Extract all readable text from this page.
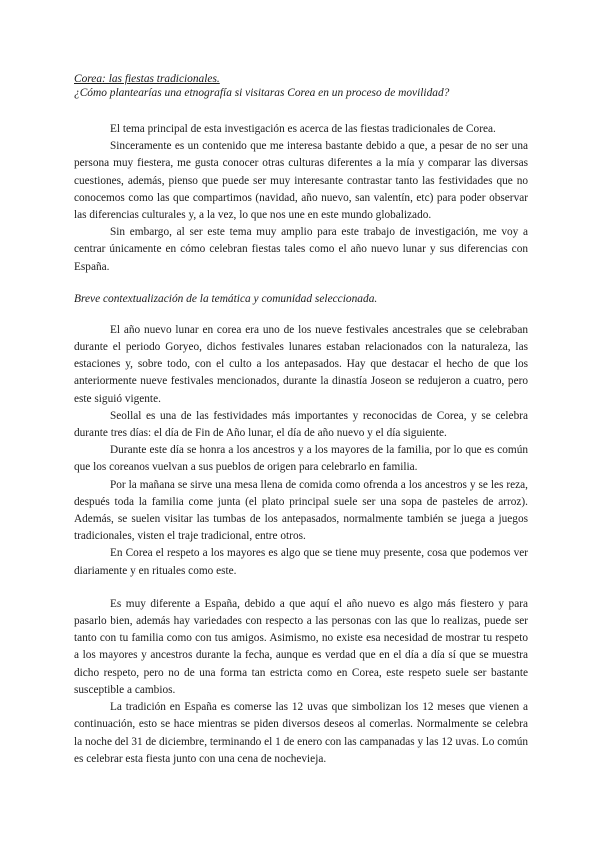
Corea: las fiestas tradicionales.
¿Cómo plantearías una etnografía si visitaras Corea en un proceso de movilidad?

El tema principal de esta investigación es acerca de las fiestas tradicionales de Corea.

Sinceramente es un contenido que me interesa bastante debido a que, a pesar de no ser una persona muy fiestera, me gusta conocer otras culturas diferentes a la mía y comparar las diversas cuestiones, además, pienso que puede ser muy interesante contrastar tanto las festividades que no conocemos como las que compartimos (navidad, año nuevo, san valentín, etc) para poder observar las diferencias culturales y, a la vez, lo que nos une en este mundo globalizado.

Sin embargo, al ser este tema muy amplio para este trabajo de investigación, me voy a centrar únicamente en cómo celebran fiestas tales como el año nuevo lunar y sus diferencias con España.

Breve contextualización de la temática y comunidad seleccionada.

El año nuevo lunar en corea era uno de los nueve festivales ancestrales que se celebraban durante el periodo Goryeo, dichos festivales lunares estaban relacionados con la naturaleza, las estaciones y, sobre todo, con el culto a los antepasados. Hay que destacar el hecho de que los anteriormente nueve festivales mencionados, durante la dinastía Joseon se redujeron a cuatro, pero este siguió vigente.

Seollal es una de las festividades más importantes y reconocidas de Corea, y se celebra durante tres días: el día de Fin de Año lunar, el día de año nuevo y el día siguiente.

Durante este día se honra a los ancestros y a los mayores de la familia, por lo que es común que los coreanos vuelvan a sus pueblos de origen para celebrarlo en familia.

Por la mañana se sirve una mesa llena de comida como ofrenda a los ancestros y se les reza, después toda la familia come junta (el plato principal suele ser una sopa de pasteles de arroz). Además, se suelen visitar las tumbas de los antepasados, normalmente también se juega a juegos tradicionales, visten el traje tradicional, entre otros.

En Corea el respeto a los mayores es algo que se tiene muy presente, cosa que podemos ver diariamente y en rituales como este.

Es muy diferente a España, debido a que aquí el año nuevo es algo más fiestero y para pasarlo bien, además hay variedades con respecto a las personas con las que lo realizas, puede ser tanto con tu familia como con tus amigos. Asimismo, no existe esa necesidad de mostrar tu respeto a los mayores y ancestros durante la fecha, aunque es verdad que en el día a día sí que se muestra dicho respeto, pero no de una forma tan estricta como en Corea, este respeto suele ser bastante susceptible a cambios.

La tradición en España es comerse las 12 uvas que simbolizan los 12 meses que vienen a continuación, esto se hace mientras se piden diversos deseos al comerlas. Normalmente se celebra la noche del 31 de diciembre, terminando el 1 de enero con las campanadas y las 12 uvas. Lo común es celebrar esta fiesta junto con una cena de nochevieja.
